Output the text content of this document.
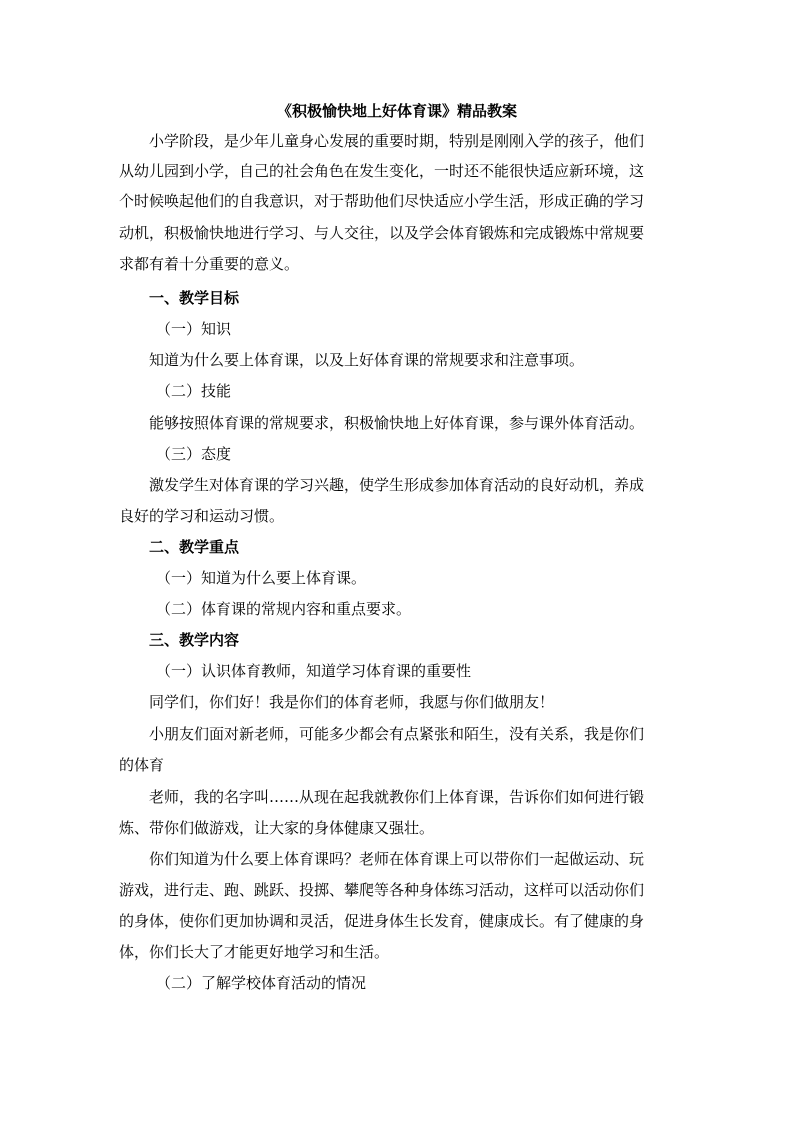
《积极愉快地上好体育课》精品教案
小学阶段，是少年儿童身心发展的重要时期，特别是刚刚入学的孩子，他们
从幼儿园到小学，自己的社会角色在发生变化，一时还不能很快适应新环境，这
个时候唤起他们的自我意识，对于帮助他们尽快适应小学生活，形成正确的学习
动机，积极愉快地进行学习、与人交往，以及学会体育锻炼和完成锻炼中常规要
求都有着十分重要的意义。
一、教学目标
（一）知识
知道为什么要上体育课，以及上好体育课的常规要求和注意事项。
（二）技能
能够按照体育课的常规要求，积极愉快地上好体育课，参与课外体育活动。
（三）态度
激发学生对体育课的学习兴趣，使学生形成参加体育活动的良好动机，养成
良好的学习和运动习惯。
二、教学重点
（一）知道为什么要上体育课。
（二）体育课的常规内容和重点要求。
三、教学内容
（一）认识体育教师，知道学习体育课的重要性
同学们，你们好！我是你们的体育老师，我愿与你们做朋友！
小朋友们面对新老师，可能多少都会有点紧张和陌生，没有关系，我是你们
的体育
老师，我的名字叫……从现在起我就教你们上体育课，告诉你们如何进行锻
炼、带你们做游戏，让大家的身体健康又强壮。
你们知道为什么要上体育课吗？老师在体育课上可以带你们一起做运动、玩
游戏，进行走、跑、跳跃、投掷、攀爬等各种身体练习活动，这样可以活动你们
的身体，使你们更加协调和灵活，促进身体生长发育，健康成长。有了健康的身
体，你们长大了才能更好地学习和生活。
（二）了解学校体育活动的情况
